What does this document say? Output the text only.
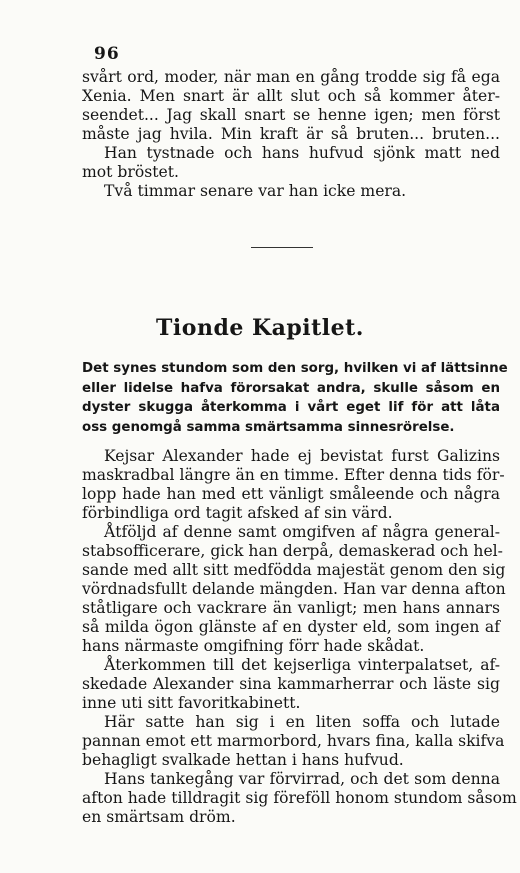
96
svårt ord, moder, när man en gång trodde sig få ega
Xenia. Men snart är allt slut och så kommer åter-
seendet... Jag skall snart se henne igen; men först
måste jag hvila. Min kraft är så bruten... bruten...
Han tystnade och hans hufvud sjönk matt ned
mot bröstet.
Två timmar senare var han icke mera.
Tionde Kapitlet.
Det synes stundom som den sorg, hvilken vi af lättsinne
eller lidelse hafva förorsakat andra, skulle såsom en
dyster skugga återkomma i vårt eget lif för att låta
oss genomgå samma smärtsamma sinnesrörelse.
Kejsar Alexander hade ej bevistat furst Galizins
maskradbal längre än en timme. Efter denna tids för-
lopp hade han med ett vänligt småleende och några
förbindliga ord tagit afsked af sin värd.
Åtföljd af denne samt omgifven af några general-
stabsofficerare, gick han derpå, demaskerad och hel-
sande med allt sitt medfödda majestät genom den sig
vördnadsfullt delande mängden. Han var denna afton
ståtligare och vackrare än vanligt; men hans annars
så milda ögon glänste af en dyster eld, som ingen af
hans närmaste omgifning förr hade skådat.
Återkommen till det kejserliga vinterpalatset, af-
skedade Alexander sina kammarherrar och läste sig
inne uti sitt favoritkabinett.
Här satte han sig i en liten soffa och lutade
pannan emot ett marmorbord, hvars fina, kalla skifva
behagligt svalkade hettan i hans hufvud.
Hans tankegång var förvirrad, och det som denna
afton hade tilldragit sig föreföll honom stundom såsom
en smärtsam dröm.
